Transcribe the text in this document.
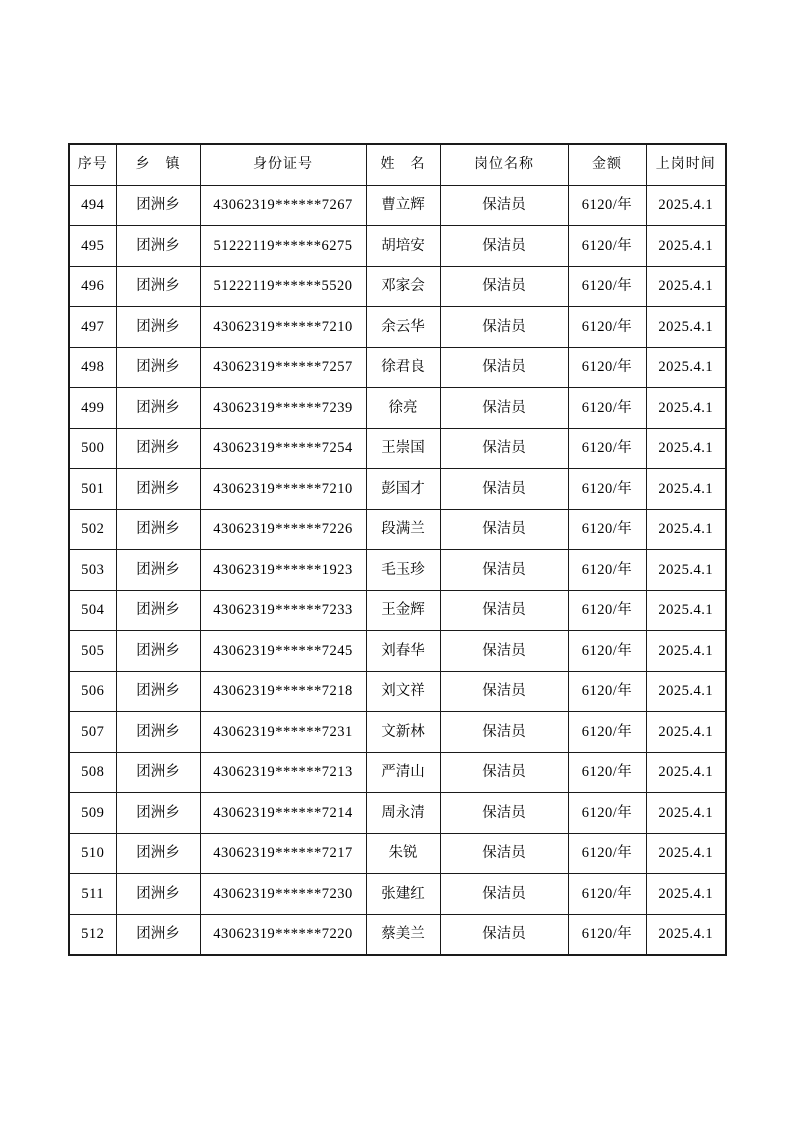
序号	乡　镇	身份证号	姓　名	岗位名称	金额	上岗时间
494	团洲乡	43062319******7267	曹立辉	保洁员	6120/年	2025.4.1
495	团洲乡	51222119******6275	胡培安	保洁员	6120/年	2025.4.1
496	团洲乡	51222119******5520	邓家会	保洁员	6120/年	2025.4.1
497	团洲乡	43062319******7210	余云华	保洁员	6120/年	2025.4.1
498	团洲乡	43062319******7257	徐君良	保洁员	6120/年	2025.4.1
499	团洲乡	43062319******7239	徐亮	保洁员	6120/年	2025.4.1
500	团洲乡	43062319******7254	王崇国	保洁员	6120/年	2025.4.1
501	团洲乡	43062319******7210	彭国才	保洁员	6120/年	2025.4.1
502	团洲乡	43062319******7226	段满兰	保洁员	6120/年	2025.4.1
503	团洲乡	43062319******1923	毛玉珍	保洁员	6120/年	2025.4.1
504	团洲乡	43062319******7233	王金辉	保洁员	6120/年	2025.4.1
505	团洲乡	43062319******7245	刘春华	保洁员	6120/年	2025.4.1
506	团洲乡	43062319******7218	刘文祥	保洁员	6120/年	2025.4.1
507	团洲乡	43062319******7231	文新林	保洁员	6120/年	2025.4.1
508	团洲乡	43062319******7213	严清山	保洁员	6120/年	2025.4.1
509	团洲乡	43062319******7214	周永清	保洁员	6120/年	2025.4.1
510	团洲乡	43062319******7217	朱锐	保洁员	6120/年	2025.4.1
511	团洲乡	43062319******7230	张建红	保洁员	6120/年	2025.4.1
512	团洲乡	43062319******7220	蔡美兰	保洁员	6120/年	2025.4.1
